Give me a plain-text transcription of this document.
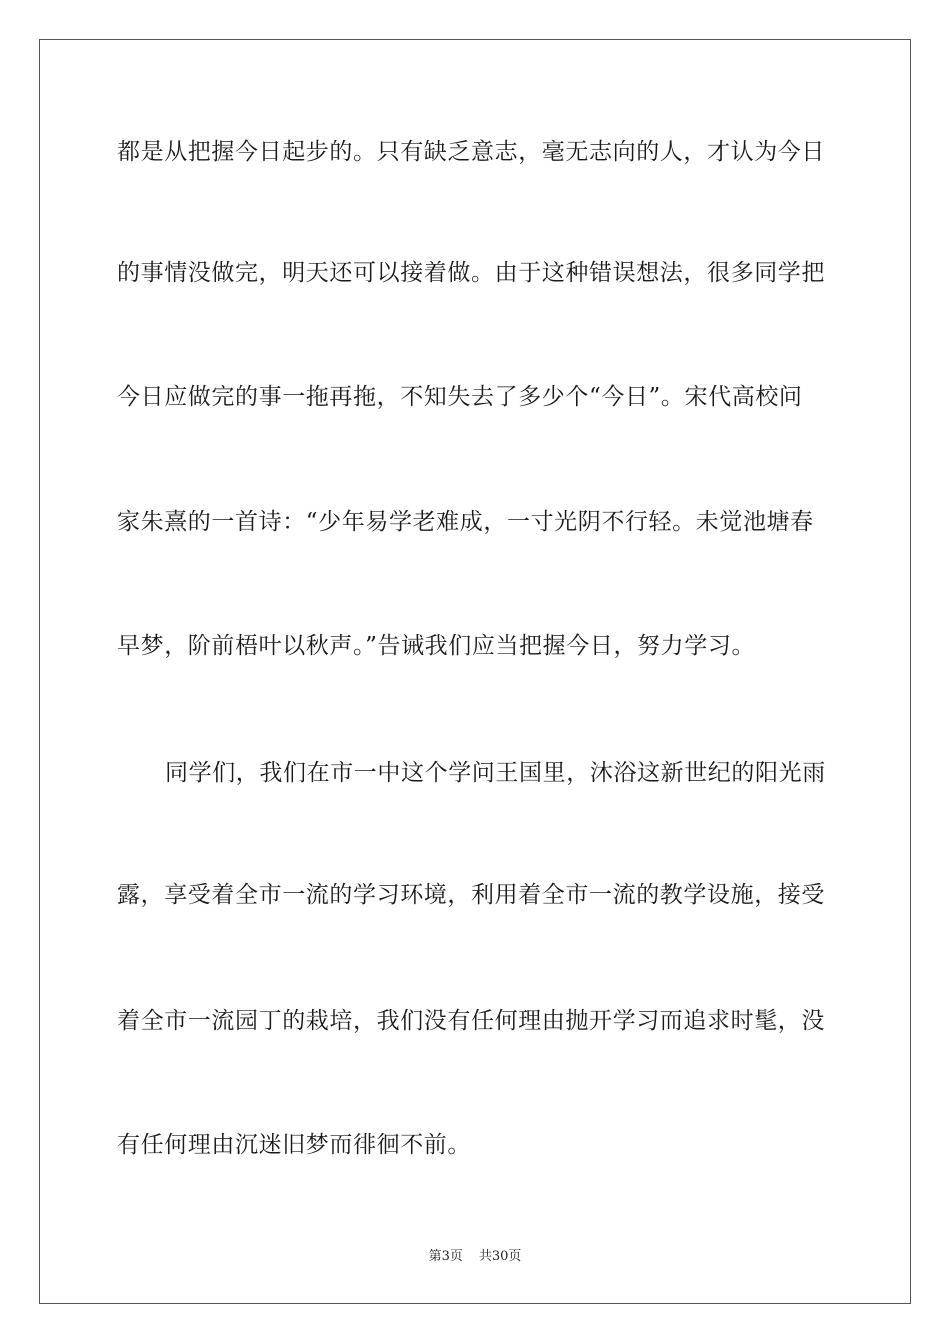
都是从把握今日起步的。只有缺乏意志，毫无志向的人，才认为今日
的事情没做完，明天还可以接着做。由于这种错误想法，很多同学把
今日应做完的事一拖再拖，不知失去了多少个“今日”。宋代高校问
家朱熹的一首诗：“少年易学老难成，一寸光阴不行轻。未觉池塘春
早梦，阶前梧叶以秋声。”告诫我们应当把握今日，努力学习。
同学们，我们在市一中这个学问王国里，沐浴这新世纪的阳光雨
露，享受着全市一流的学习环境，利用着全市一流的教学设施，接受
着全市一流园丁的栽培，我们没有任何理由抛开学习而追求时髦，没
有任何理由沉迷旧梦而徘徊不前。
第3页 共30页
